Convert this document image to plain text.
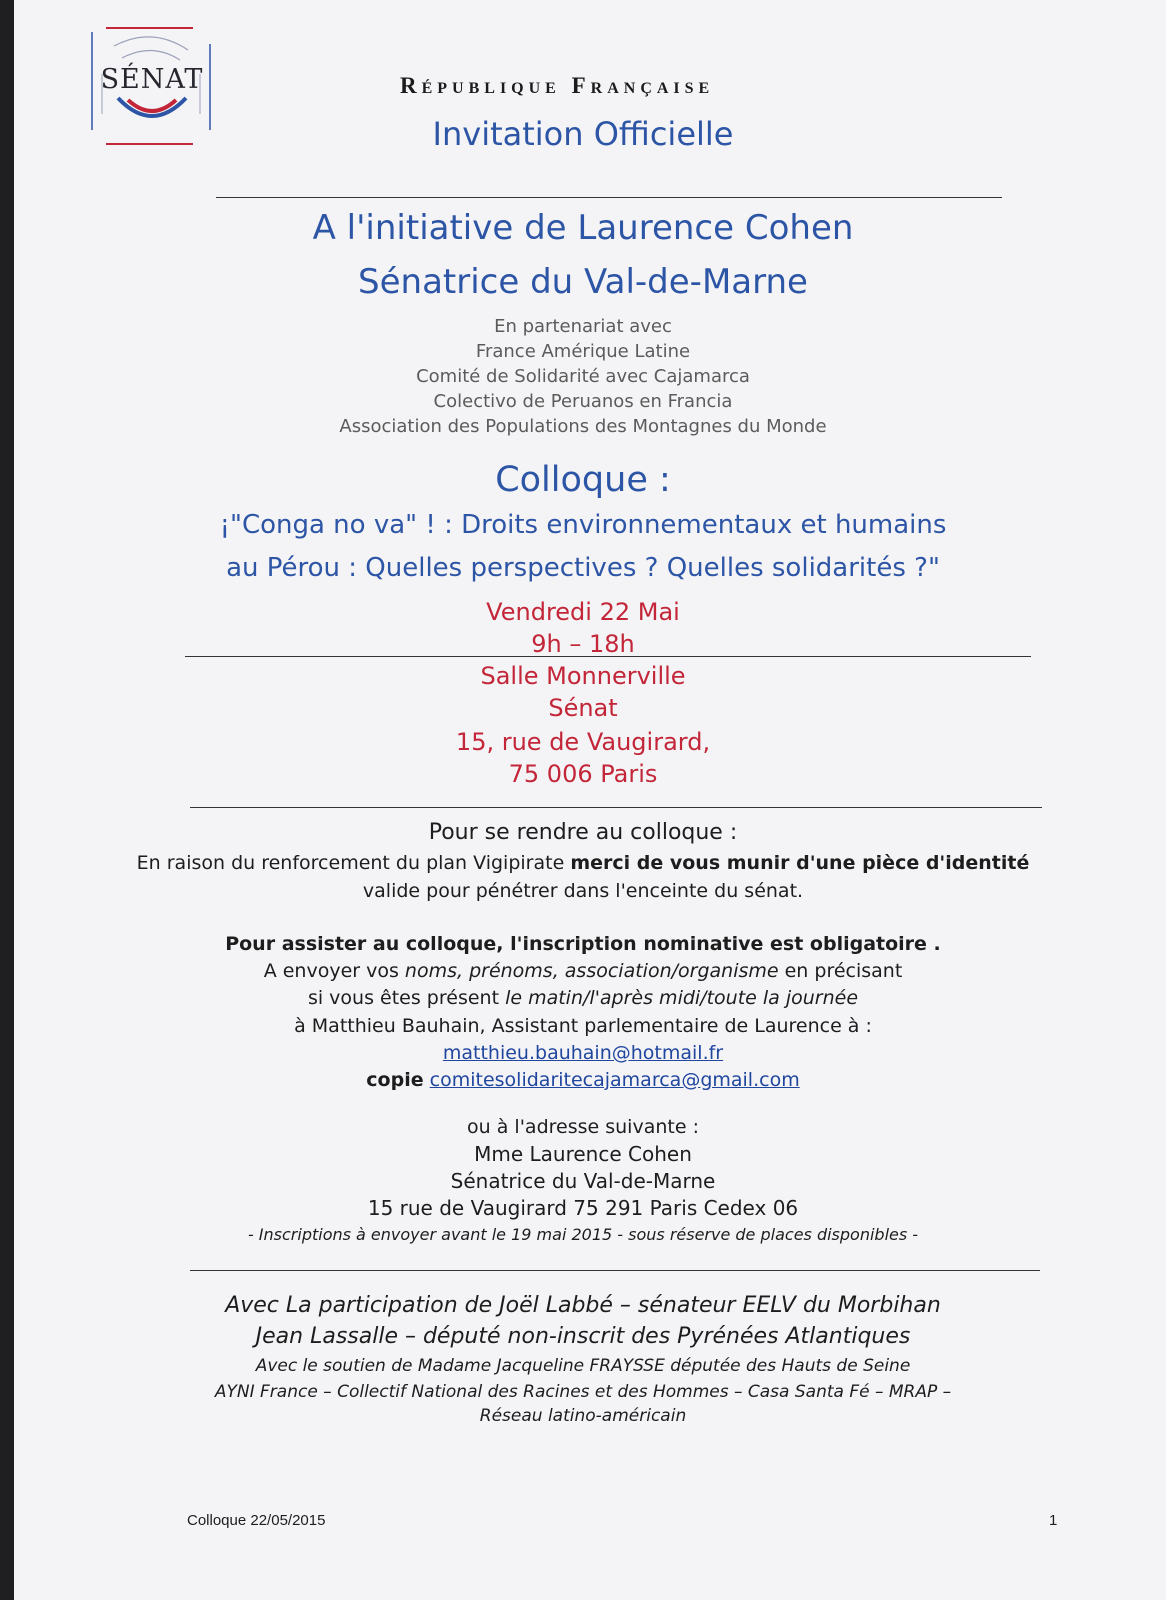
SÉNAT	République Française
Invitation Officielle
A l'initiative de Laurence Cohen
Sénatrice du Val-de-Marne
En partenariat avec
France Amérique Latine
Comité de Solidarité avec Cajamarca
Colectivo de Peruanos en Francia
Association des Populations des Montagnes du Monde
Colloque :
¡"Conga no va" ! : Droits environnementaux et humains
au Pérou : Quelles perspectives ? Quelles solidarités ?"
Vendredi 22 Mai
9h – 18h
Salle Monnerville
Sénat
15, rue de Vaugirard,
75 006 Paris
Pour se rendre au colloque :
En raison du renforcement du plan Vigipirate merci de vous munir d'une pièce d'identité
valide pour pénétrer dans l'enceinte du sénat.
Pour assister au colloque, l'inscription nominative est obligatoire .
A envoyer vos noms, prénoms, association/organisme en précisant
si vous êtes présent le matin/l'après midi/toute la journée
à Matthieu Bauhain, Assistant parlementaire de Laurence à :
matthieu.bauhain@hotmail.fr
copie comitesolidaritecajamarca@gmail.com
ou à l'adresse suivante :
Mme Laurence Cohen
Sénatrice du Val-de-Marne
15 rue de Vaugirard 75 291 Paris Cedex 06
- Inscriptions à envoyer avant le 19 mai 2015 - sous réserve de places disponibles -
Avec La participation de Joël Labbé – sénateur EELV du Morbihan
Jean Lassalle – député non-inscrit des Pyrénées Atlantiques
Avec le soutien de Madame Jacqueline FRAYSSE députée des Hauts de Seine
AYNI France – Collectif National des Racines et des Hommes – Casa Santa Fé – MRAP –
Réseau latino-américain
Colloque 22/05/2015	1
